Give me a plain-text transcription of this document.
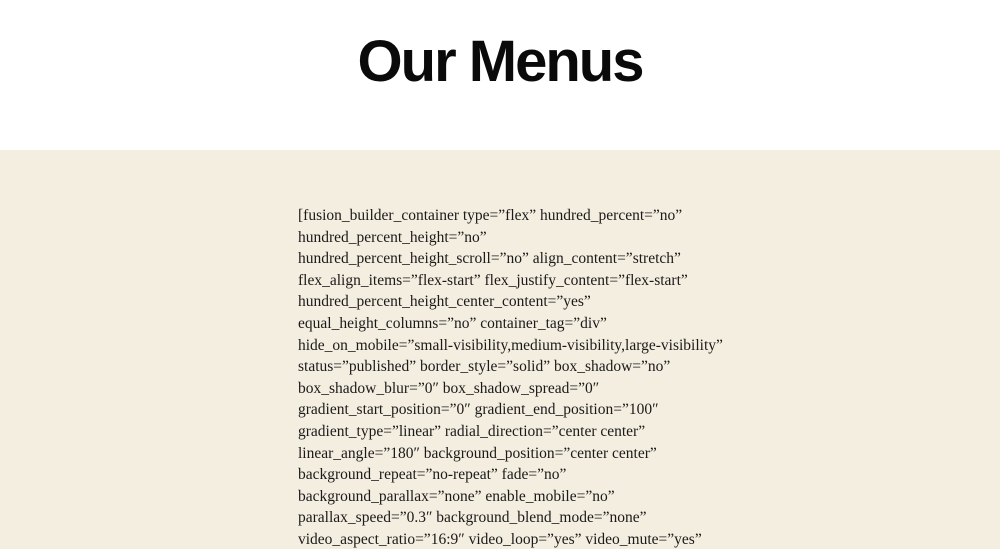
Our Menus
[fusion_builder_container type=”flex” hundred_percent=”no”
hundred_percent_height=”no”
hundred_percent_height_scroll=”no” align_content=”stretch”
flex_align_items=”flex-start” flex_justify_content=”flex-start”
hundred_percent_height_center_content=”yes”
equal_height_columns=”no” container_tag=”div”
hide_on_mobile=”small-visibility,medium-visibility,large-visibility”
status=”published” border_style=”solid” box_shadow=”no”
box_shadow_blur=”0″ box_shadow_spread=”0″
gradient_start_position=”0″ gradient_end_position=”100″
gradient_type=”linear” radial_direction=”center center”
linear_angle=”180″ background_position=”center center”
background_repeat=”no-repeat” fade=”no”
background_parallax=”none” enable_mobile=”no”
parallax_speed=”0.3″ background_blend_mode=”none”
video_aspect_ratio=”16:9″ video_loop=”yes” video_mute=”yes”
